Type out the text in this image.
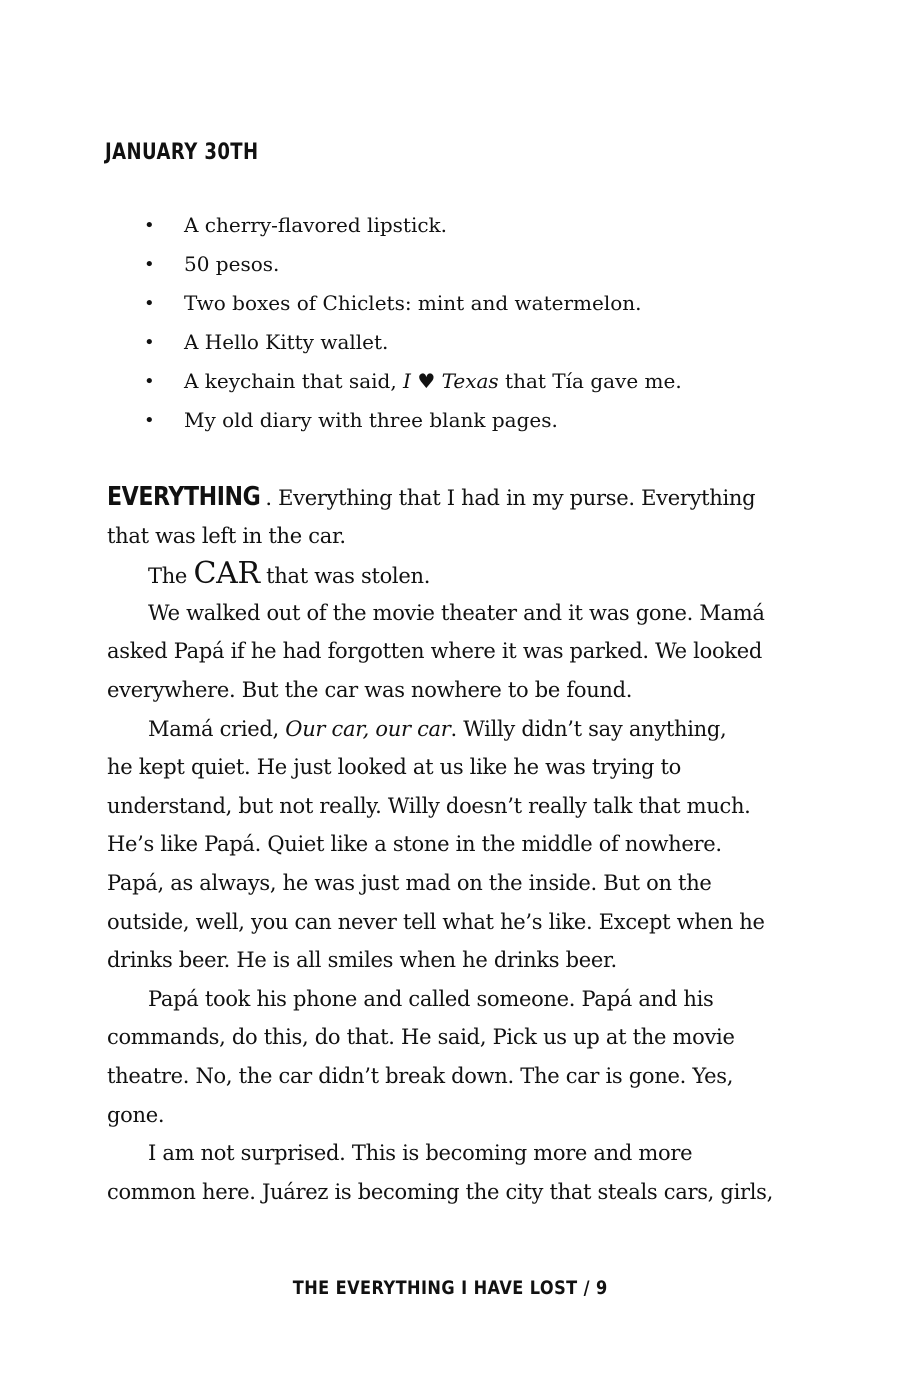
JANUARY 30TH
• A cherry-flavored lipstick.
• 50 pesos.
• Two boxes of Chiclets: mint and watermelon.
• A Hello Kitty wallet.
• A keychain that said, I ♥ Texas that Tía gave me.
• My old diary with three blank pages.
EVERYTHING . Everything that I had in my purse. Everything
that was left in the car.
The CAR that was stolen.
We walked out of the movie theater and it was gone. Mamá
asked Papá if he had forgotten where it was parked. We looked
everywhere. But the car was nowhere to be found.
Mamá cried, Our car, our car. Willy didn’t say anything,
he kept quiet. He just looked at us like he was trying to
understand, but not really. Willy doesn’t really talk that much.
He’s like Papá. Quiet like a stone in the middle of nowhere.
Papá, as always, he was just mad on the inside. But on the
outside, well, you can never tell what he’s like. Except when he
drinks beer. He is all smiles when he drinks beer.
Papá took his phone and called someone. Papá and his
commands, do this, do that. He said, Pick us up at the movie
theatre. No, the car didn’t break down. The car is gone. Yes,
gone.
I am not surprised. This is becoming more and more
common here. Juárez is becoming the city that steals cars, girls,
THE EVERYTHING I HAVE LOST / 9
